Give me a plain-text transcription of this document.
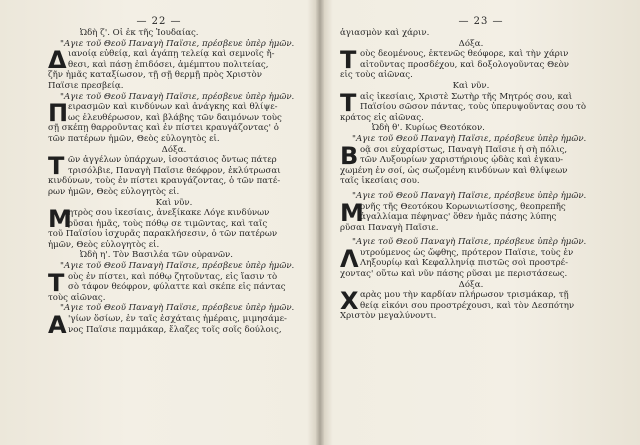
— 22 —
Ὠδὴ ζ'. Οἱ ἐκ τῆς Ἰουδαίας.
"Αγιε τοῦ Θεοῦ Παναγὴ Παΐσιε, πρέσβευε ὑπὲρ ἡμῶν.
Δ ιανοίᾳ εὐθείᾳ, καὶ ἀγάπῃ τελείᾳ καὶ σεμνοῖς ἤ-
θεσι, καὶ πάσῃ ἐπιδόσει, ἀμέμπτου πολιτείας,
ζῆν ἡμᾶς καταξίωσον, τῇ σῇ θερμῇ πρὸς Χριστὸν
Παΐσιε πρεσβείᾳ.
"Αγιε τοῦ Θεοῦ Παναγὴ Παΐσιε, πρέσβευε ὑπὲρ ἡμῶν.
Π ειρασμῶν καὶ κινδύνων καὶ ἀνάγκης καὶ θλίψε-
ως ἐλευθέρωσον, καὶ βλάβης τῶν δαιμόνων τοὺς
σῇ σκέπῃ θαρροῦντας καὶ ἐν πίστει κραυγάζοντας' ὁ
τῶν πατέρων ἡμῶν, Θεὸς εὐλογητὸς εἶ.
Δόξα.
Τ ῶν ἀγγέλων ὑπάρχων, ἰσοστάσιος ὄντως πάτερ
τρισόλβιε, Παναγὴ Παΐσιε θεόφρον, ἐκλύτρωσαι
κινδύνων, τοὺς ἐν πίστει κραυγάζοντας, ὁ τῶν πατέ-
ρων ἡμῶν, Θεὸς εὐλογητὸς εἶ.
Καὶ νῦν.
Μ
ητρὸς σου ἱκεσίαις, ἀνεξίκακε Λόγε κινδύνων
ρῦσαι ἡμᾶς, τοὺς πόθῳ σε τιμῶντας, καὶ ταῖς
τοῦ Παϊσίου ἰσχυρᾶς παρακλήσεσιν, ὁ τῶν πατέρων
ἡμῶν, Θεὸς εὐλογητὸς εἶ.
Ὠδὴ η'. Τὸν Βασιλέα τῶν οὐρανῶν.
"Αγιε τοῦ Θεοῦ Παναγὴ Παΐσιε, πρέσβευε ὑπὲρ ἡμῶν.
Τ οὺς ἐν πίστει, καὶ πόθῳ ζητοῦντας, εἰς ἴασιν τὸ
σὸ τάφον θεόφρον, φύλαττε καὶ σκέπε εἰς πάντας
τοὺς αἰῶνας.
"Αγιε τοῦ Θεοῦ Παναγὴ Παΐσιε, πρέσβευε ὑπὲρ ἡμῶν.
Α 'γίων ὅσίων, ἐν ταῖς ἐσχάταις ἡμέραις, μιμησάμε-
νος Παΐσιε παμμάκαρ, ἔλαζες τοῖς σοῖς δούλοις,
— 23 —
ἁγιασμὸν καὶ χάριν.
Δόξα.
Τ οὺς δεομένους, ἐκτενῶς θεόφορε, καὶ τὴν χάριν
αἰτοῦντας προσδέχου, καὶ δοξολογοῦντας Θεὸν
εἰς τοὺς αἰῶνας.
Καὶ νῦν.
Τ αἷς ἱκεσίαις, Χριστὲ Σωτὴρ τῆς Μητρός σου, καὶ
Παϊσίου σῶσον πάντας, τοὺς ὑπερυψοῦντας σου τὸ
κράτος εἰς αἰῶνας.
Ὠδὴ θ'. Κυρίως Θεοτόκον.
"Αγιε τοῦ Θεοῦ Παναγὴ Παΐσιε, πρέσβευε ὑπὲρ ἡμῶν.
Β οᾷ σοι εὐχαρίστως, Παναγὴ Παΐσιε ἡ σὴ πόλις,
τῶν Λυξουρίων χαριστήριους ᾠδὰς καὶ ἐγκαυ-
χωμένη ἐν σοί, ὡς σωζομένη κινδύνων καὶ θλίψεων
ταῖς ἱκεσίαις σου.
"Αγιε τοῦ Θεοῦ Παναγὴ Παΐσιε, πρέσβευε ὑπὲρ ἡμῶν.
Μ
ονῆς τῆς Θεοτόκου Κορωνιωτίσσης, θεοπρεπῆς
ἀγαλλίαμα πέφηνας' ὅθεν ἡμᾶς πάσης λύπης
ρῦσαι Παναγὴ Παΐσιε.
"Αγιε τοῦ Θεοῦ Παναγὴ Παΐσιε, πρέσβευε ὑπὲρ ἡμῶν.
Λ υτρούμενος ὡς ὤφθης, πρότερον Παΐσιε, τοὺς ἐν
Ληξουρίῳ καὶ Κεφαλληνίᾳ πιστῶς σοὶ προστρέ-
χοντας' οὕτω καὶ νῦν πάσης ρῦσαι με περιστάσεως.
Δόξα.
Χ αρὰς μου τὴν καρδίαν πλήρωσον τρισμάκαρ, τῇ
θείᾳ εἰκόνι σου προστρέχουσι, καὶ τὸν Δεσπότην
Χριστὸν μεγαλύνοντι.
